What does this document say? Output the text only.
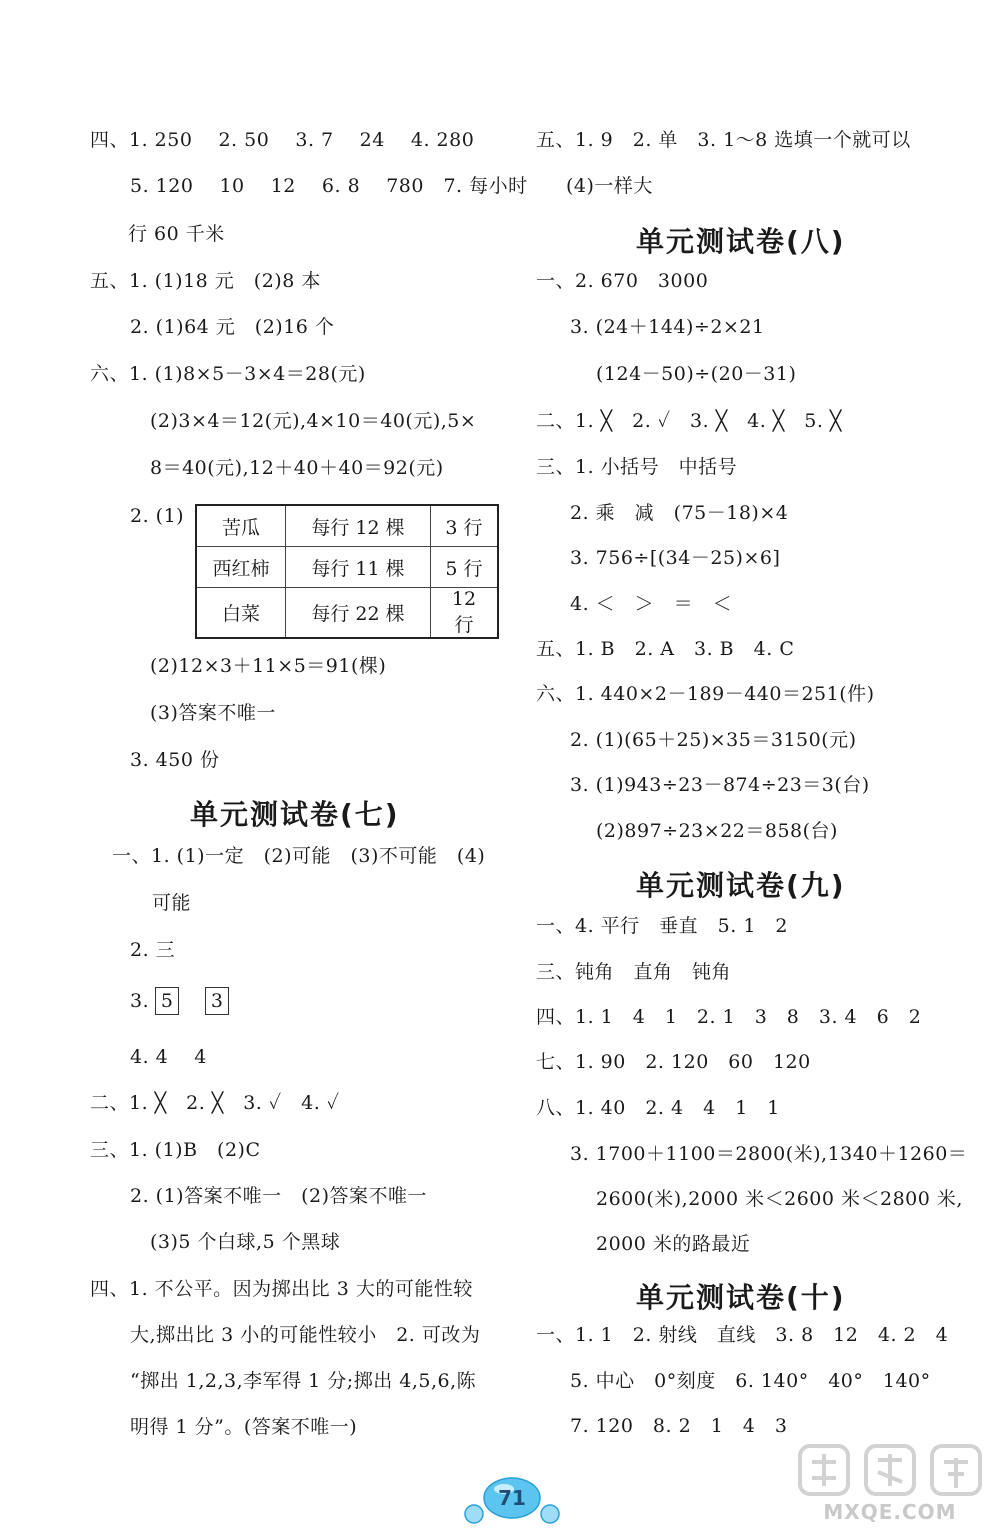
四、1. 250　 2. 50　 3. 7　 24　 4. 280
5. 120　 10　 12　 6. 8　 780　7. 每小时
行 60 千米
五、1. (1)18 元　(2)8 本
2. (1)64 元　(2)16 个
六、1. (1)8×5－3×4＝28(元)
(2)3×4＝12(元),4×10＝40(元),5×
8＝40(元),12＋40＋40＝92(元)
2. (1)
苦瓜	每行 12 棵	3 行
西红柿	每行 11 棵	5 行
白菜	每行 22 棵	12 行
(2)12×3＋11×5＝91(棵)
(3)答案不唯一
3. 450 份
单元测试卷(七)
一、1. (1)一定　(2)可能　(3)不可能　(4)
可能
2. 三
3. 5 3
4. 4　 4
二、1. ╳　2. ╳　3. ✓　4. ✓
三、1. (1)B　(2)C
2. (1)答案不唯一　(2)答案不唯一
(3)5 个白球,5 个黑球
四、1. 不公平。因为掷出比 3 大的可能性较
大,掷出比 3 小的可能性较小　2. 可改为
“掷出 1,2,3,李军得 1 分;掷出 4,5,6,陈
明得 1 分”。(答案不唯一)
五、1. 9　2. 单　3. 1～8 选填一个就可以
(4)一样大
单元测试卷(八)
一、2. 670　3000
3. (24＋144)÷2×21
(124－50)÷(20－31)
二、1. ╳　2. ✓　3. ╳　4. ╳　5. ╳
三、1. 小括号　中括号
2. 乘　减　(75－18)×4
3. 756÷[(34－25)×6]
4. ＜　＞　＝　＜
五、1. B　2. A　3. B　4. C
六、1. 440×2－189－440＝251(件)
2. (1)(65＋25)×35＝3150(元)
3. (1)943÷23－874÷23＝3(台)
(2)897÷23×22＝858(台)
单元测试卷(九)
一、4. 平行　垂直　5. 1　2
三、钝角　直角　钝角
四、1. 1　4　1　2. 1　3　8　3. 4　6　2
七、1. 90　2. 120　60　120
八、1. 40　2. 4　4　1　1
3. 1700＋1100＝2800(米),1340＋1260＝
2600(米),2000 米＜2600 米＜2800 米,
2000 米的路最近
单元测试卷(十)
一、1. 1　2. 射线　直线　3. 8　12　4. 2　4
5. 中心　0°刻度　6. 140°　40°　140°
7. 120　8. 2　1　4　3
71
MXQE.COM
